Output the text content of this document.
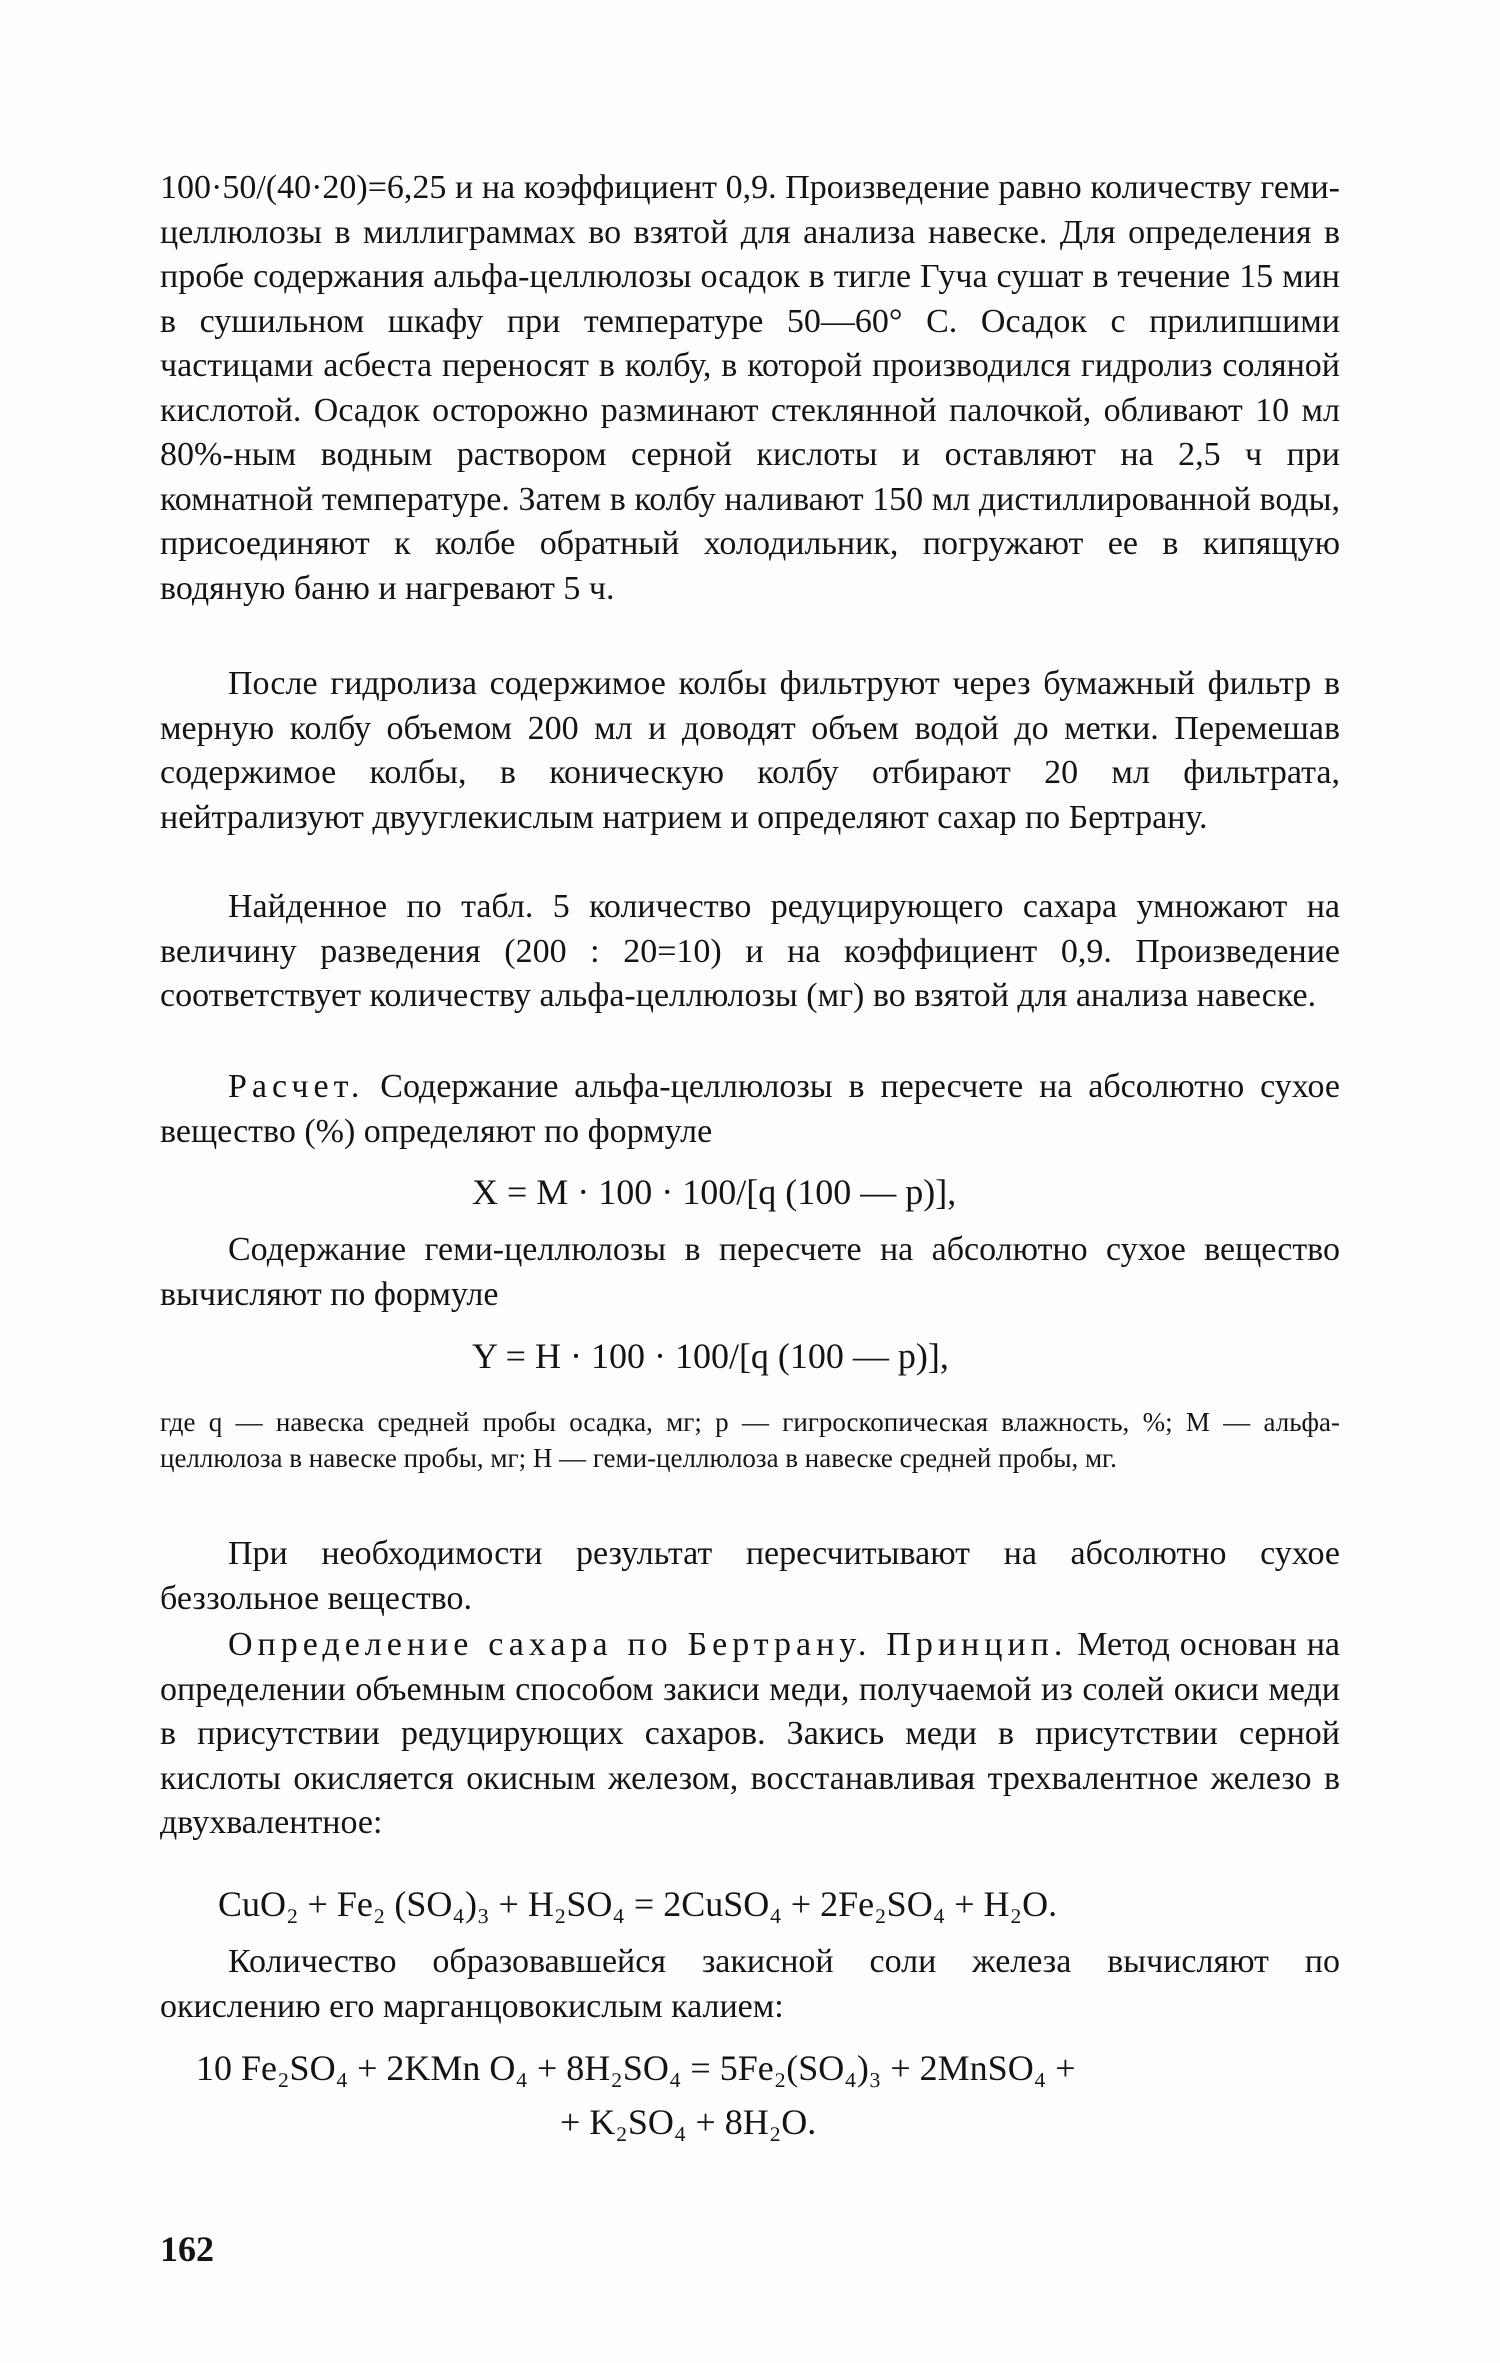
100·50/(40·20)=6,25 и на коэффициент 0,9. Произведение равно количеству геми-целлюлозы в миллиграммах во взятой для анализа навеске. Для определения в пробе содержания альфа-целлюлозы осадок в тигле Гуча сушат в течение 15 мин в сушильном шкафу при температуре 50—60° С. Осадок с прилипшими частицами асбеста переносят в колбу, в которой производился гидролиз соляной кислотой. Осадок осторожно разминают стеклянной палочкой, обливают 10 мл 80%-ным водным раствором серной кислоты и оставляют на 2,5 ч при комнатной температуре. Затем в колбу наливают 150 мл дистиллированной воды, присоединяют к колбе обратный холодильник, погружают ее в кипящую водяную баню и нагревают 5 ч.

После гидролиза содержимое колбы фильтруют через бумажный фильтр в мерную колбу объемом 200 мл и доводят объем водой до метки. Перемешав содержимое колбы, в коническую колбу отбирают 20 мл фильтрата, нейтрализуют двууглекислым натрием и определяют сахар по Бертрану.

Найденное по табл. 5 количество редуцирующего сахара умножают на величину разведения (200 : 20=10) и на коэффициент 0,9. Произведение соответствует количеству альфа-целлюлозы (мг) во взятой для анализа навеске.

Расчет. Содержание альфа-целлюлозы в пересчете на абсолютно сухое вещество (%) определяют по формуле

X = M · 100 · 100/[q (100 — p)],

Содержание геми-целлюлозы в пересчете на абсолютно сухое вещество вычисляют по формуле

Y = H · 100 · 100/[q (100 — p)],

где q — навеска средней пробы осадка, мг; p — гигроскопическая влажность, %; M — альфа-целлюлоза в навеске пробы, мг; H — геми-целлюлоза в навеске средней пробы, мг.

При необходимости результат пересчитывают на абсолютно сухое беззольное вещество.

Определение сахара по Бертрану. Принцип. Метод основан на определении объемным способом закиси меди, получаемой из солей окиси меди в присутствии редуцирующих сахаров. Закись меди в присутствии серной кислоты окисляется окисным железом, восстанавливая трехвалентное железо в двухвалентное:

CuO₂ + Fe₂ (SO₄)₃ + H₂SO₄ = 2CuSO₄ + 2Fe₂SO₄ + H₂O.

Количество образовавшейся закисной соли железа вычисляют по окислению его марганцовокислым калием:

10 Fe₂SO₄ + 2KMn O₄ + 8H₂SO₄ = 5Fe₂(SO₄)₃ + 2MnSO₄ +
+ K₂SO₄ + 8H₂O.
162
